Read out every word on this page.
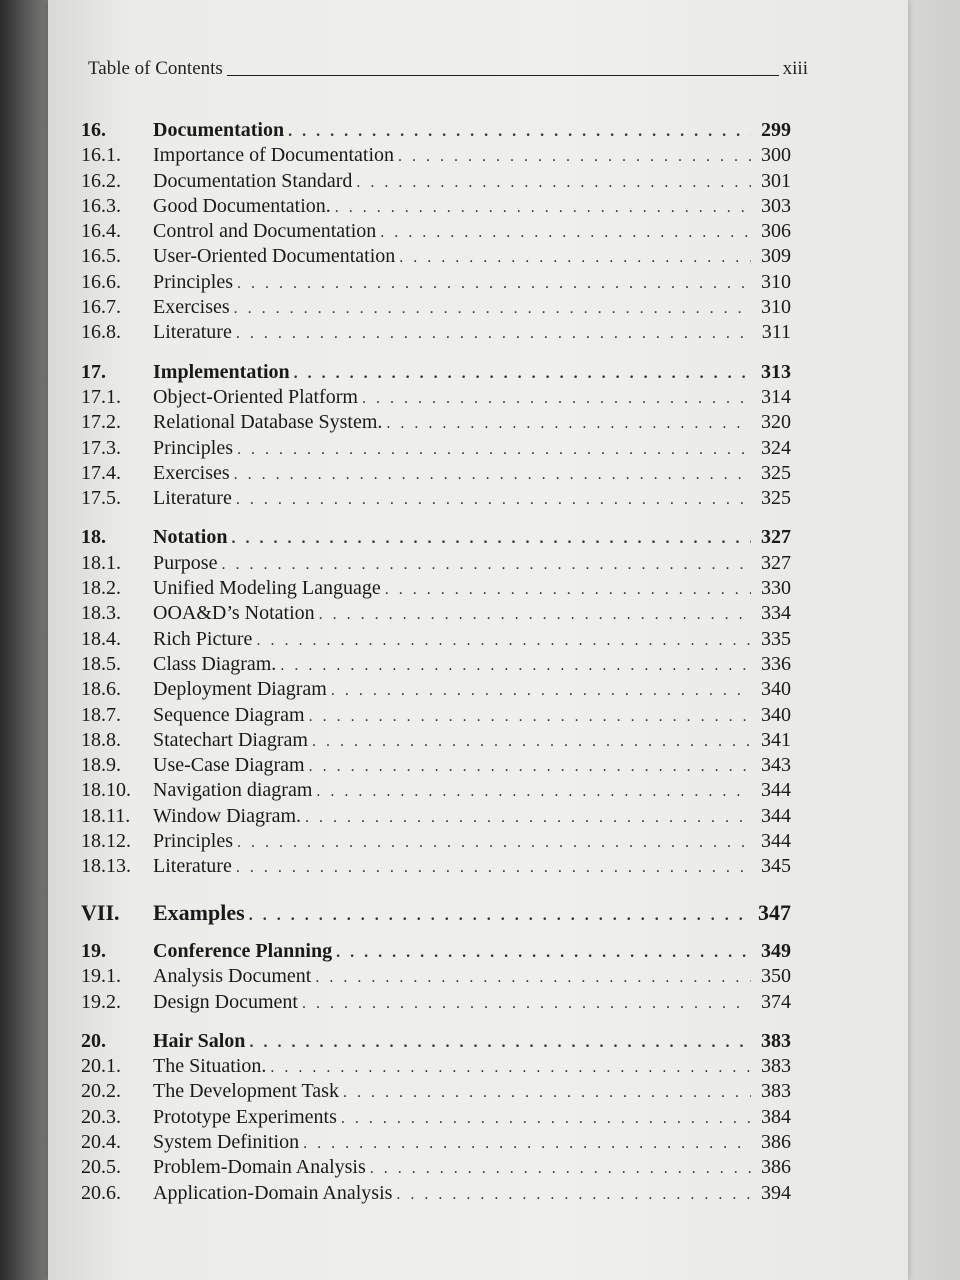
Table of Contents	xiii
16.	Documentation . . .	299
16.1.	Importance of Documentation . . .	300
16.2.	Documentation Standard . . .	301
16.3.	Good Documentation. . . .	303
16.4.	Control and Documentation . . .	306
16.5.	User-Oriented Documentation . . .	309
16.6.	Principles . . .	310
16.7.	Exercises . . .	310
16.8.	Literature . . .	311
17.	Implementation . . .	313
17.1.	Object-Oriented Platform . . .	314
17.2.	Relational Database System. . . .	320
17.3.	Principles . . .	324
17.4.	Exercises . . .	325
17.5.	Literature . . .	325
18.	Notation . . .	327
18.1.	Purpose . . .	327
18.2.	Unified Modeling Language . . .	330
18.3.	OOA&D’s Notation . . .	334
18.4.	Rich Picture . . .	335
18.5.	Class Diagram. . . .	336
18.6.	Deployment Diagram . . .	340
18.7.	Sequence Diagram . . .	340
18.8.	Statechart Diagram . . .	341
18.9.	Use-Case Diagram . . .	343
18.10.	Navigation diagram . . .	344
18.11.	Window Diagram. . . .	344
18.12.	Principles . . .	344
18.13.	Literature . . .	345
VII.	Examples . . .	347
19.	Conference Planning . . .	349
19.1.	Analysis Document . . .	350
19.2.	Design Document . . .	374
20.	Hair Salon . . .	383
20.1.	The Situation. . . .	383
20.2.	The Development Task . . .	383
20.3.	Prototype Experiments . . .	384
20.4.	System Definition . . .	386
20.5.	Problem-Domain Analysis . . .	386
20.6.	Application-Domain Analysis . . .	394
